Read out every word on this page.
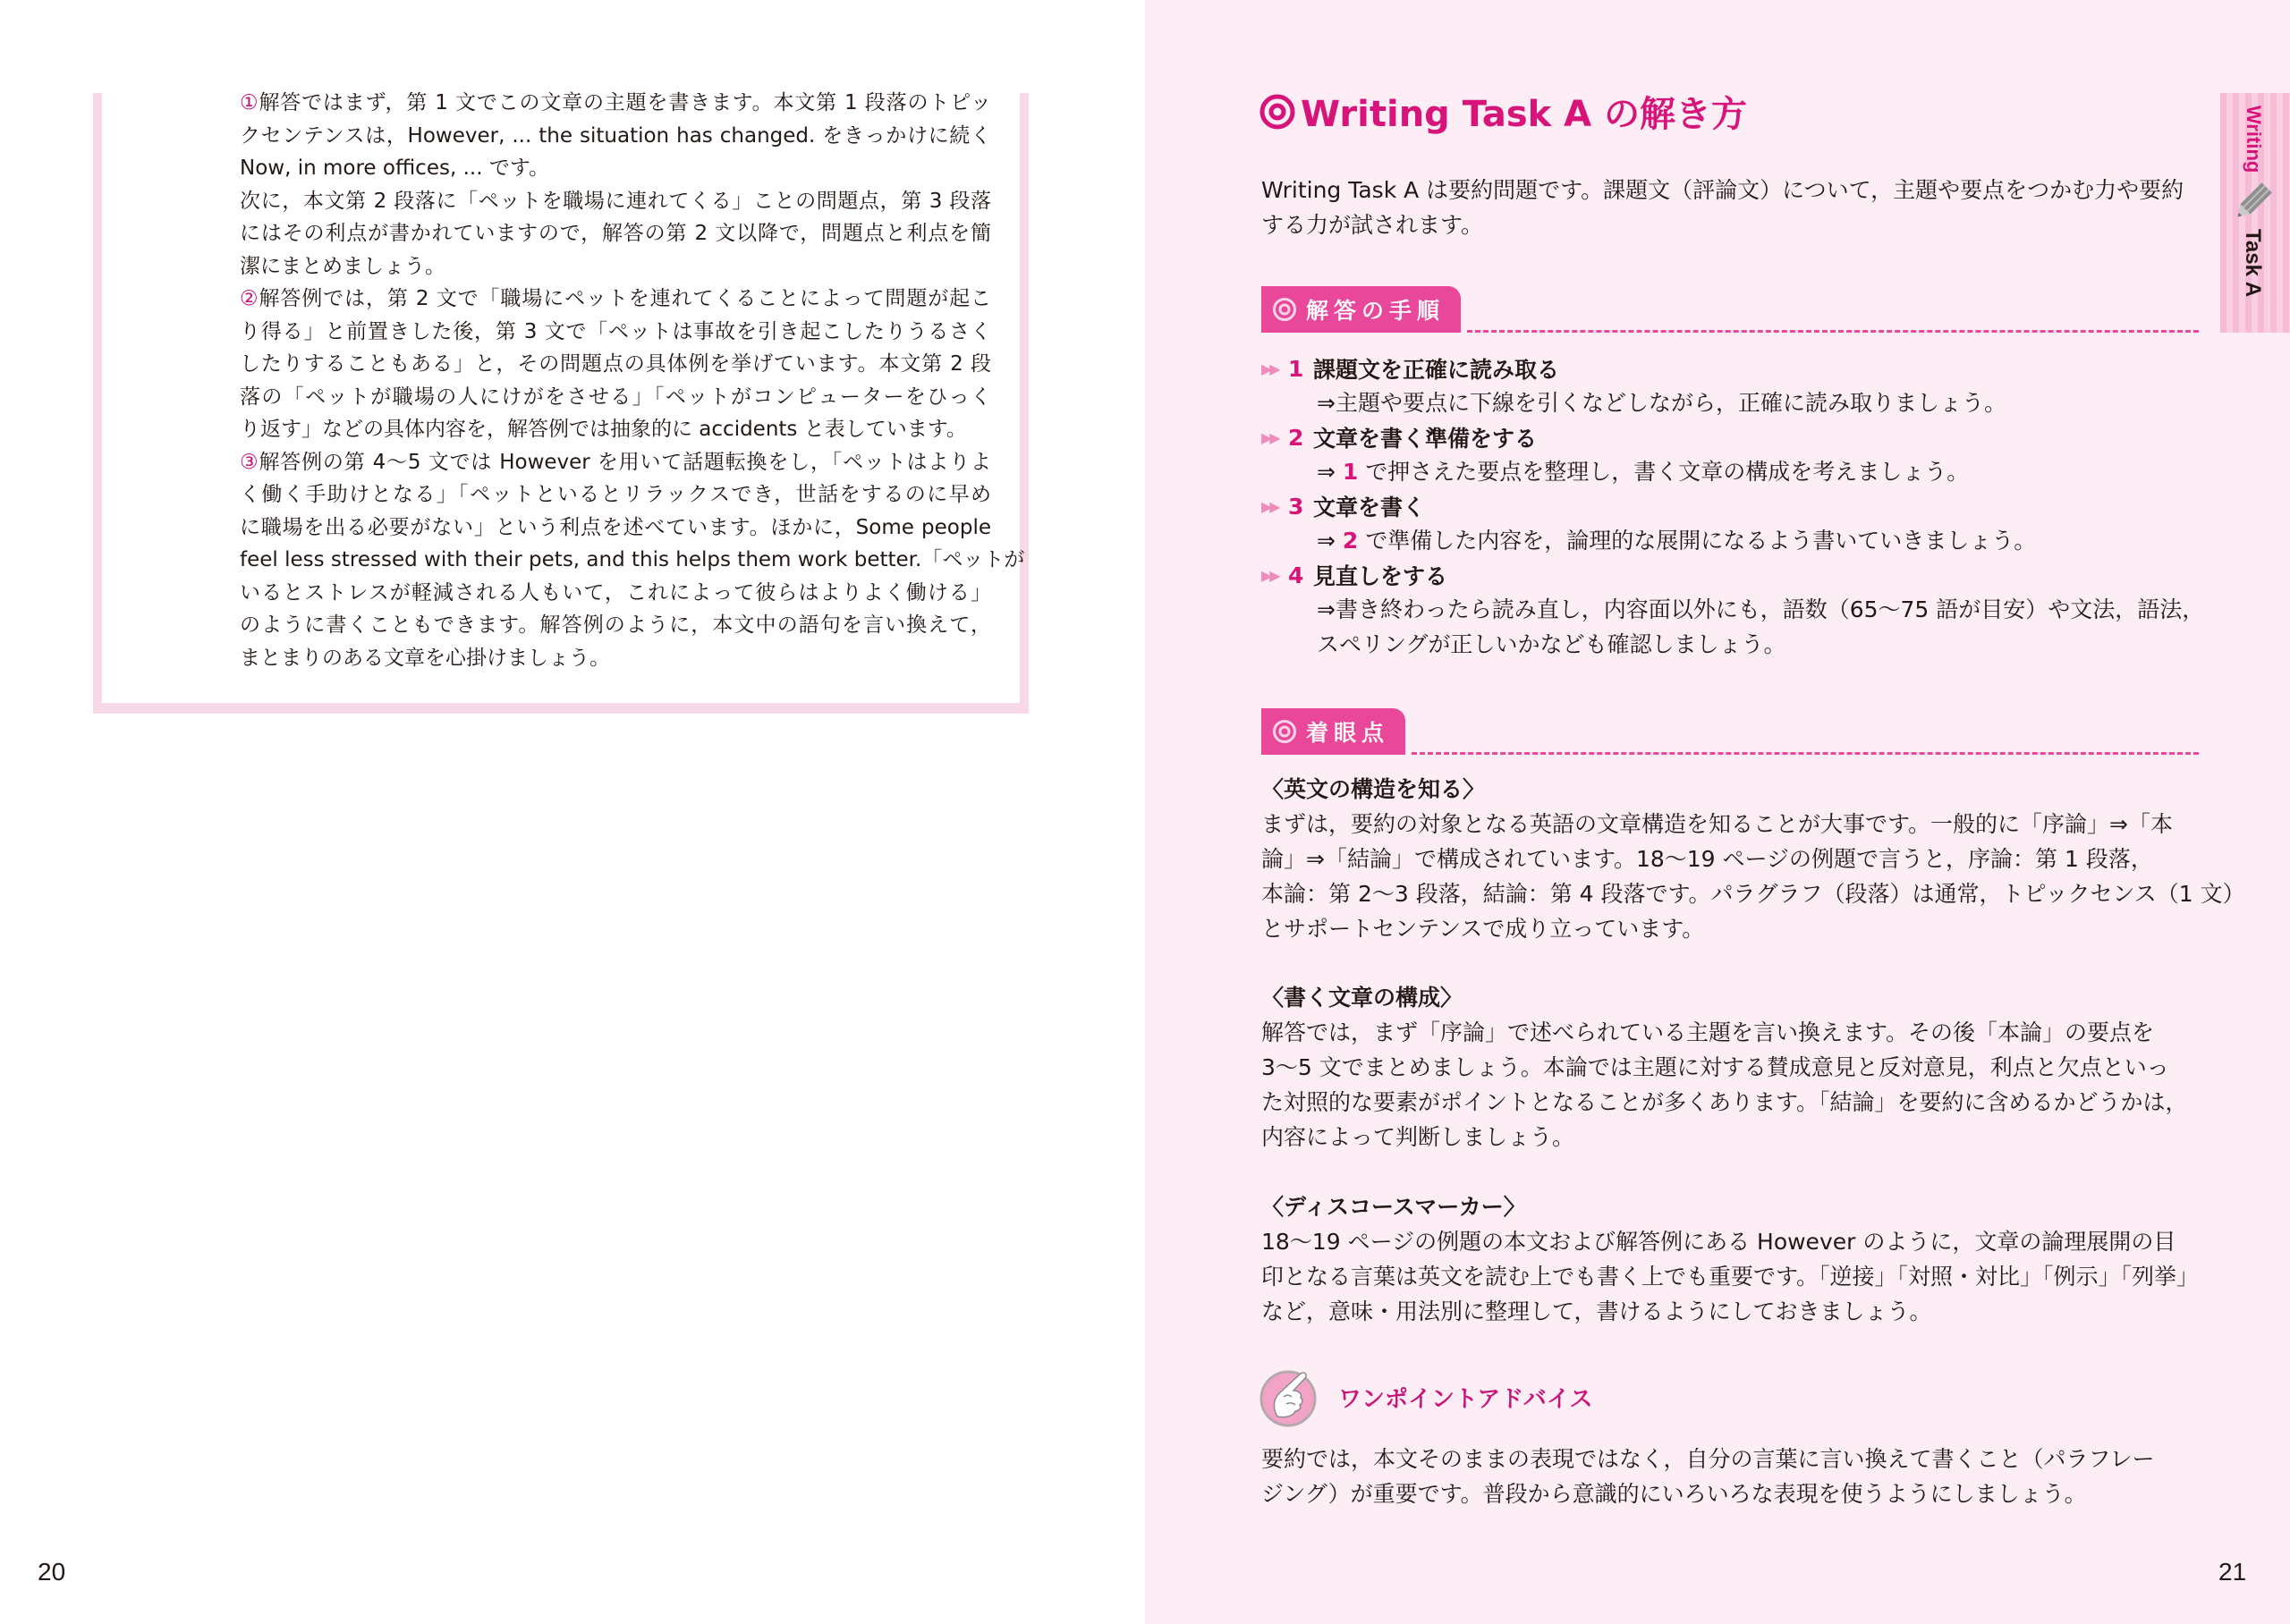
①解答ではまず，第 1 文でこの文章の主題を書きます。本文第 1 段落のトピッ
クセンテンスは，However, ... the situation has changed. をきっかけに続く
Now, in more offices, ... です。
次に，本文第 2 段落に「ペットを職場に連れてくる」ことの問題点，第 3 段落
にはその利点が書かれていますので，解答の第 2 文以降で，問題点と利点を簡
潔にまとめましょう。
②解答例では，第 2 文で「職場にペットを連れてくることによって問題が起こ
り得る」と前置きした後，第 3 文で「ペットは事故を引き起こしたりうるさく
したりすることもある」と，その問題点の具体例を挙げています。本文第 2 段
落の「ペットが職場の人にけがをさせる」「ペットがコンピューターをひっく
り返す」などの具体内容を，解答例では抽象的に accidents と表しています。
③解答例の第 4〜5 文では However を用いて話題転換をし，「ペットはよりよ
く働く手助けとなる」「ペットといるとリラックスでき，世話をするのに早め
に職場を出る必要がない」という利点を述べています。ほかに，Some people
feel less stressed with their pets, and this helps them work better.「ペットが
いるとストレスが軽減される人もいて，これによって彼らはよりよく働ける」
のように書くこともできます。解答例のように，本文中の語句を言い換えて，
まとまりのある文章を心掛けましょう。
20
Writing Task A の解き方
Writing Task A は要約問題です。課題文（評論文）について，主題や要点をつかむ力や要約
する力が試されます。
解答の手順
▶▶ 1 課題文を正確に読み取る
⇒主題や要点に下線を引くなどしながら，正確に読み取りましょう。
▶▶ 2 文章を書く準備をする
⇒ 1 で押さえた要点を整理し，書く文章の構成を考えましょう。
▶▶ 3 文章を書く
⇒ 2 で準備した内容を，論理的な展開になるよう書いていきましょう。
▶▶ 4 見直しをする
⇒書き終わったら読み直し，内容面以外にも，語数（65〜75 語が目安）や文法，語法，
スペリングが正しいかなども確認しましょう。
着眼点
〈英文の構造を知る〉
まずは，要約の対象となる英語の文章構造を知ることが大事です。一般的に「序論」⇒「本
論」⇒「結論」で構成されています。18〜19 ページの例題で言うと，序論：第 1 段落，
本論：第 2〜3 段落，結論：第 4 段落です。パラグラフ（段落）は通常，トピックセンス（1 文）
とサポートセンテンスで成り立っています。
〈書く文章の構成〉
解答では，まず「序論」で述べられている主題を言い換えます。その後「本論」の要点を
3〜5 文でまとめましょう。本論では主題に対する賛成意見と反対意見，利点と欠点といっ
た対照的な要素がポイントとなることが多くあります。「結論」を要約に含めるかどうかは，
内容によって判断しましょう。
〈ディスコースマーカー〉
18〜19 ページの例題の本文および解答例にある However のように，文章の論理展開の目
印となる言葉は英文を読む上でも書く上でも重要です。「逆接」「対照・対比」「例示」「列挙」
など，意味・用法別に整理して，書けるようにしておきましょう。
ワンポイントアドバイス
要約では，本文そのままの表現ではなく，自分の言葉に言い換えて書くこと（パラフレー
ジング）が重要です。普段から意識的にいろいろな表現を使うようにしましょう。
21
Writing
Task A
